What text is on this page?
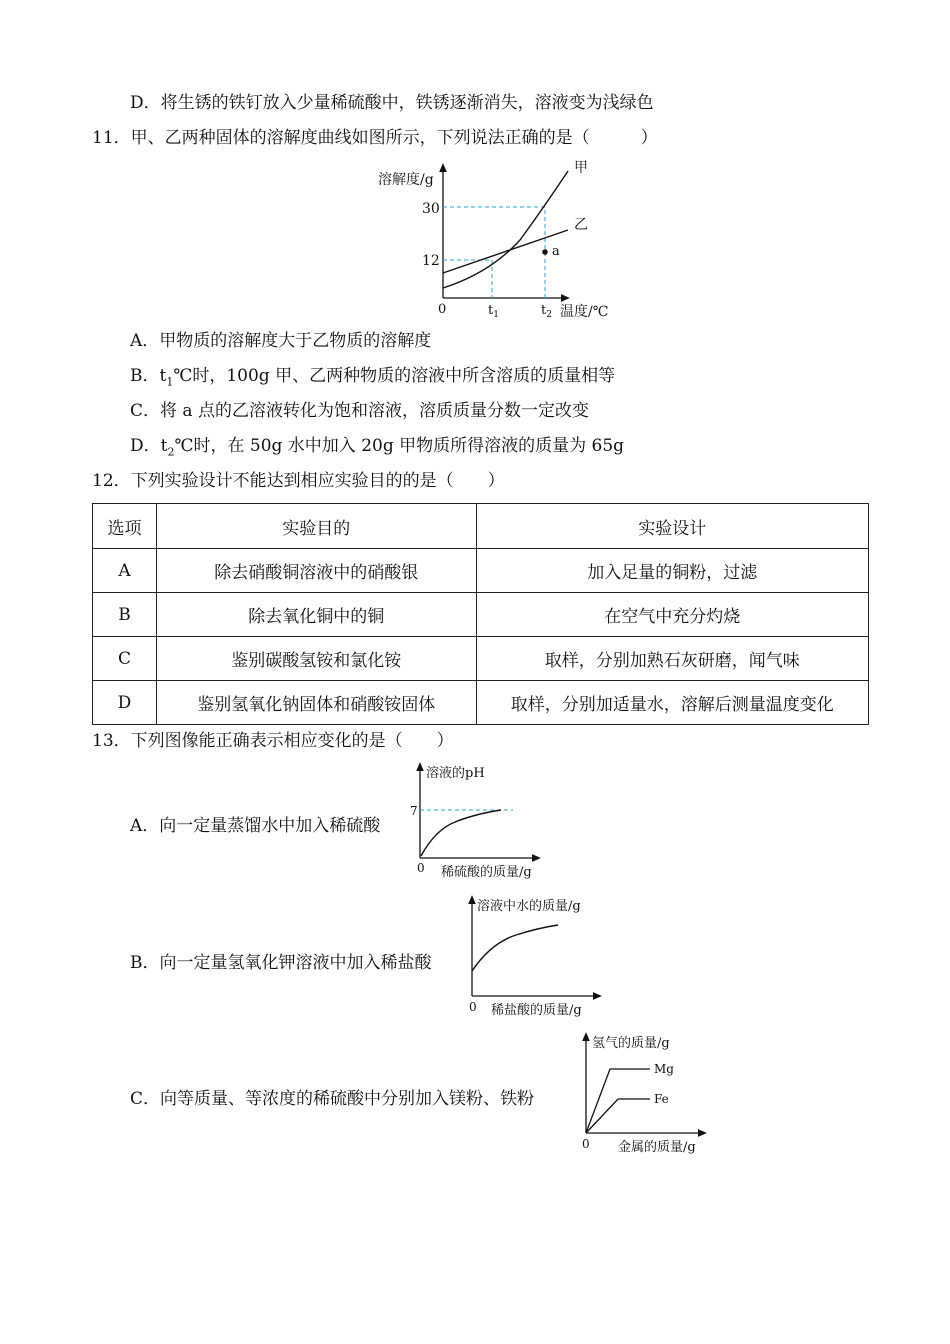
D．将生锈的铁钉放入少量稀硫酸中，铁锈逐渐消失，溶液变为浅绿色
11．甲、乙两种固体的溶解度曲线如图所示，下列说法正确的是（　　　）
溶解度/g
温度/℃
0
30
12
$t_1$	$t_2$
甲
乙
a
A．甲物质的溶解度大于乙物质的溶解度
B．$t_1℃$时，100g 甲、乙两种物质的溶液中所含溶质的质量相等
C．将 a 点的乙溶液转化为饱和溶液，溶质质量分数一定改变
D．$t_2℃$时，在 50g 水中加入 20g 甲物质所得溶液的质量为 65g
12．下列实验设计不能达到相应实验目的的是（　　）
选项	实验目的	实验设计
A	除去硝酸铜溶液中的硝酸银	加入足量的铜粉，过滤
B	除去氧化铜中的铜	在空气中充分灼烧
C	鉴别碳酸氢铵和氯化铵	取样，分别加熟石灰研磨，闻气味
D	鉴别氢氧化钠固体和硝酸铵固体	取样，分别加适量水，溶解后测量温度变化
13．下列图像能正确表示相应变化的是（　　）
A．向一定量蒸馏水中加入稀硫酸
溶液的pH
7
0 稀硫酸的质量/g
B．向一定量氢氧化钾溶液中加入稀盐酸
溶液中水的质量/g
0 稀盐酸的质量/g
C．向等质量、等浓度的稀硫酸中分别加入镁粉、铁粉
氢气的质量/g
Mg
Fe
0 金属的质量/g
